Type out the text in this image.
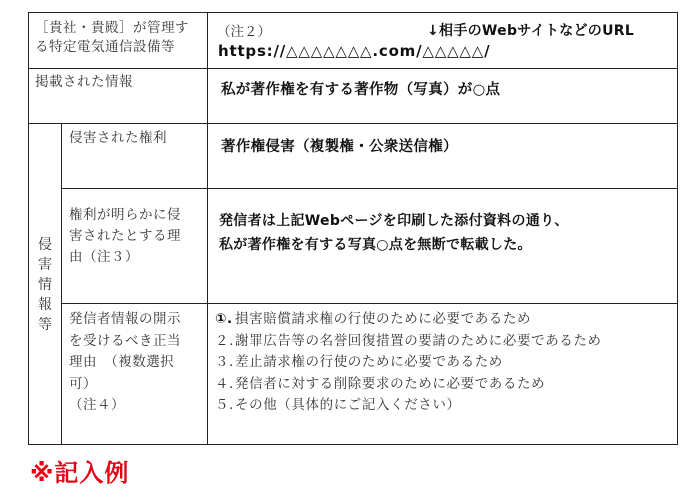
［貴社・貴殿］が管理す
る特定電気通信設備等
（注２）	↓相手のWebサイトなどのURL
https://△△△△△△△.com/△△△△△/
掲載された情報	私が著作権を有する著作物（写真）が○点
侵
害
情
報
等
侵害された権利
著作権侵害（複製権・公衆送信権）
権利が明らかに侵
害されたとする理
由（注３）
発信者は上記Webページを印刷した添付資料の通り、
私が著作権を有する写真○点を無断で転載した。
発信者情報の開示
を受けるべき正当
理由　（複数選択
可）
（注４）
①. 損害賠償請求権の行使のために必要であるため
２．謝罪広告等の名誉回復措置の要請のために必要であるため
３．差止請求権の行使のために必要であるため
４．発信者に対する削除要求のために必要であるため
５．その他（具体的にご記入ください）
※記入例
